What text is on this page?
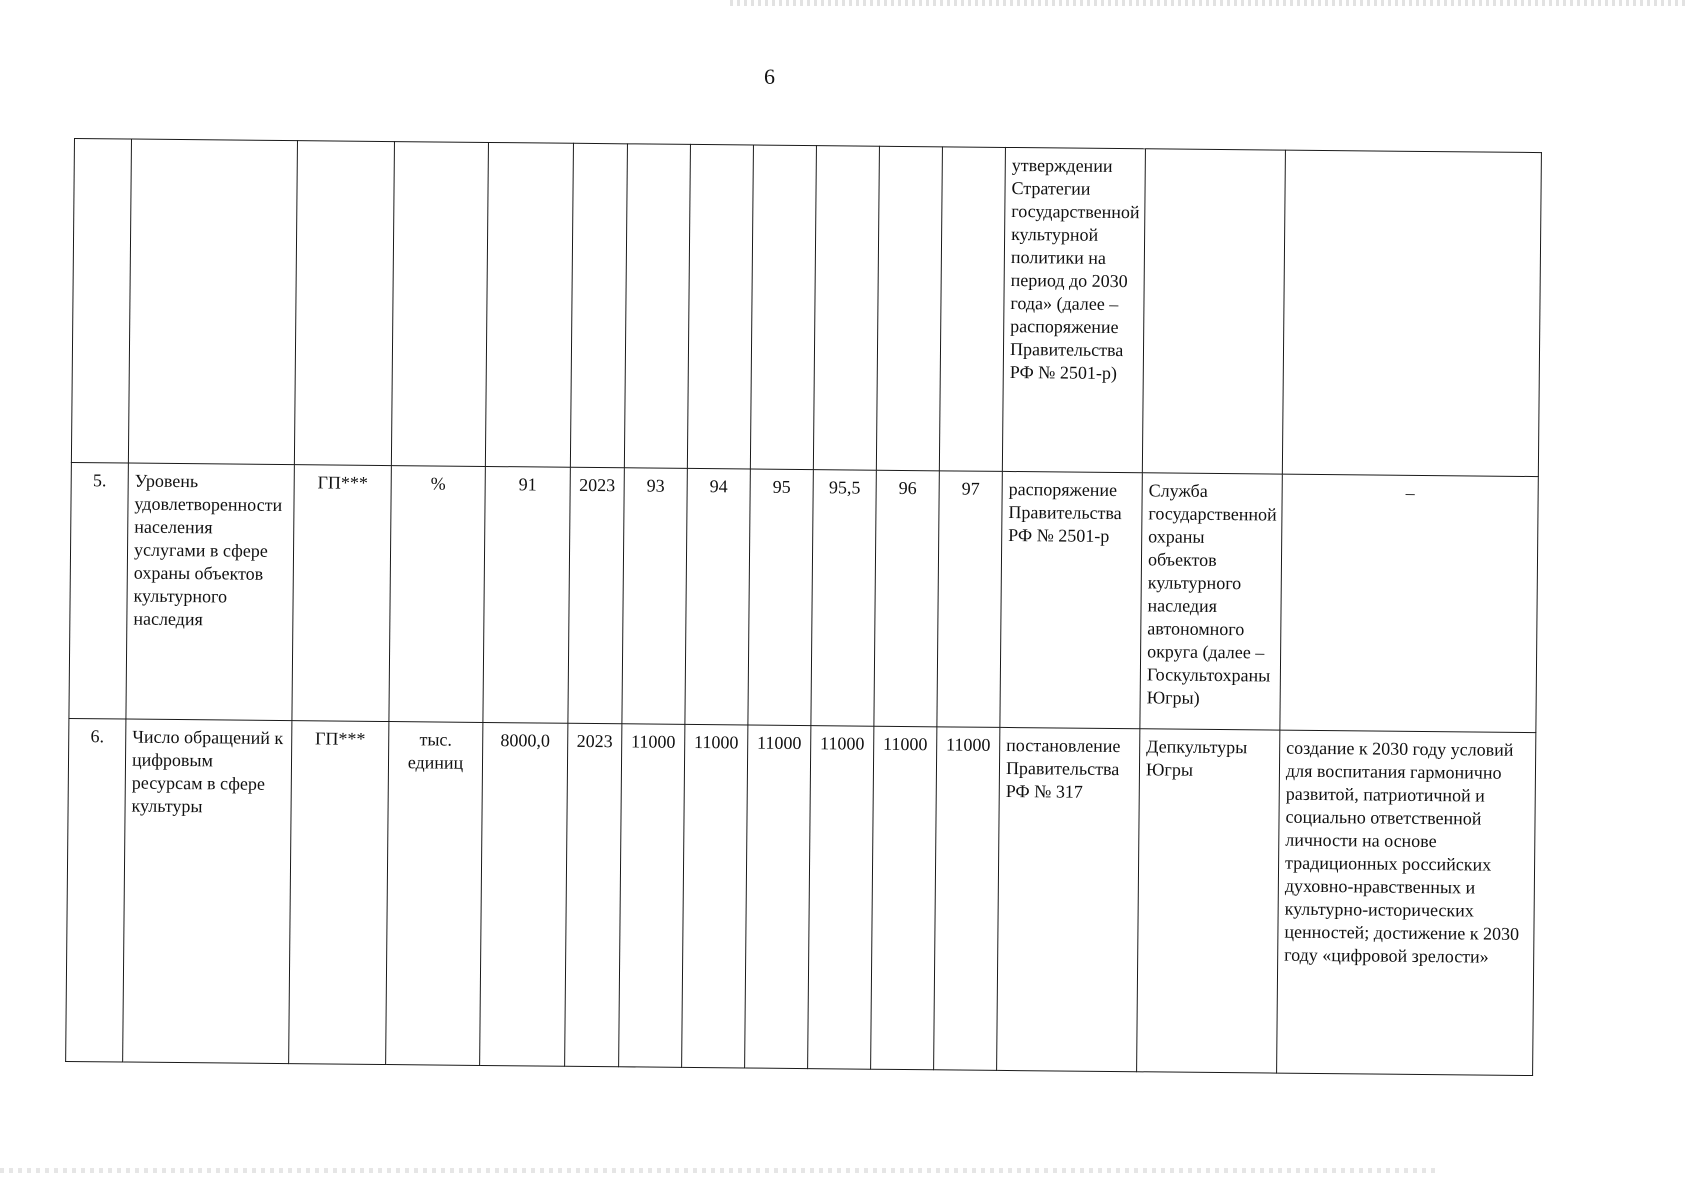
6
												утверждении Стратегии государственной культурной политики на период до 2030 года» (далее – распоряжение Правительства РФ № 2501-р)		
5.	Уровень удовлетворенности населения услугами в сфере охраны объектов культурного наследия	ГП***	%	91	2023	93	94	95	95,5	96	97	распоряжение Правительства РФ № 2501-р	Служба государственной охраны объектов культурного наследия автономного округа (далее – Госкультохраны Югры)	–

6.	Число обращений к цифровым ресурсам в сфере культуры	ГП***	тыс. единиц	8000,0	2023	11000	11000	11000	11000	11000	11000	постановление Правительства РФ № 317	Депкультуры Югры	создание к 2030 году условий для воспитания гармонично развитой, патриотичной и социально ответственной личности на основе традиционных российских духовно-нравственных и культурно-исторических ценностей; достижение к 2030 году «цифровой зрелости»
